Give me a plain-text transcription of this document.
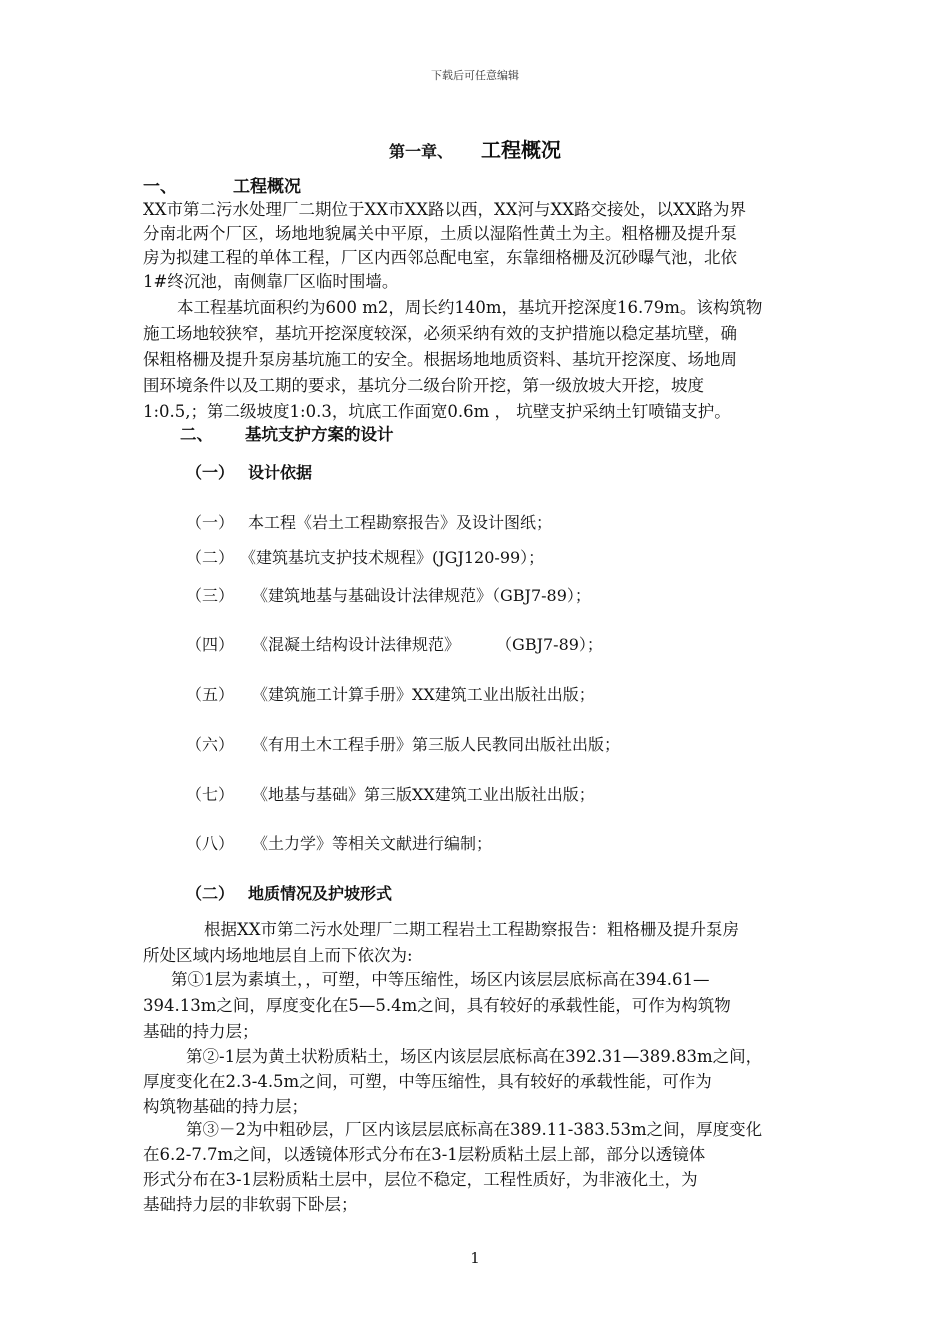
下载后可任意编辑
第一章、 工程概况
一、	工程概况
XX市第二污水处理厂二期位于XX市XX路以西，XX河与XX路交接处，以XX路为界
分南北两个厂区，场地地貌属关中平原，土质以湿陷性黄土为主。粗格栅及提升泵
房为拟建工程的单体工程，厂区内西邻总配电室，东靠细格栅及沉砂曝气池，北依
1#终沉池，南侧靠厂区临时围墙。
本工程基坑面积约为600 m2，周长约140m，基坑开挖深度16.79m。该构筑物
施工场地较狭窄，基坑开挖深度较深，必须采纳有效的支护措施以稳定基坑壁，确
保粗格栅及提升泵房基坑施工的安全。根据场地地质资料、基坑开挖深度、场地周
围环境条件以及工期的要求，基坑分二级台阶开挖，第一级放坡大开挖，坡度
1:0.5,；第二级坡度1:0.3，坑底工作面宽0.6m ， 坑壁支护采纳土钉喷锚支护。
二、 基坑支护方案的设计
（一） 设计依据
（一） 本工程《岩土工程勘察报告》及设计图纸；
（二） 《建筑基坑支护技术规程》(JGJ120-99）；
（三） 《建筑地基与基础设计法律规范》（GBJ7-89）；
（四） 《混凝土结构设计法律规范》 （GBJ7-89）；
（五） 《建筑施工计算手册》XX建筑工业出版社出版；
（六） 《有用土木工程手册》第三版人民教同出版社出版；
（七） 《地基与基础》第三版XX建筑工业出版社出版；
（八） 《土力学》等相关文献进行编制；
（二） 地质情况及护坡形式
根据XX市第二污水处理厂二期工程岩土工程勘察报告：粗格栅及提升泵房
所处区域内场地地层自上而下依次为:
第①1层为素填土，，可塑，中等压缩性，场区内该层层底标高在394.61—
394.13m之间，厚度变化在5—5.4m之间，具有较好的承载性能，可作为构筑物
基础的持力层；
第②-1层为黄土状粉质粘土，场区内该层层底标高在392.31—389.83m之间，
厚度变化在2.3-4.5m之间，可塑，中等压缩性，具有较好的承载性能，可作为
构筑物基础的持力层；
第③－2为中粗砂层，厂区内该层层底标高在389.11-383.53m之间，厚度变化
在6.2-7.7m之间，以透镜体形式分布在3-1层粉质粘土层上部，部分以透镜体
形式分布在3-1层粉质粘土层中，层位不稳定，工程性质好，为非液化土，为
基础持力层的非软弱下卧层；
1
